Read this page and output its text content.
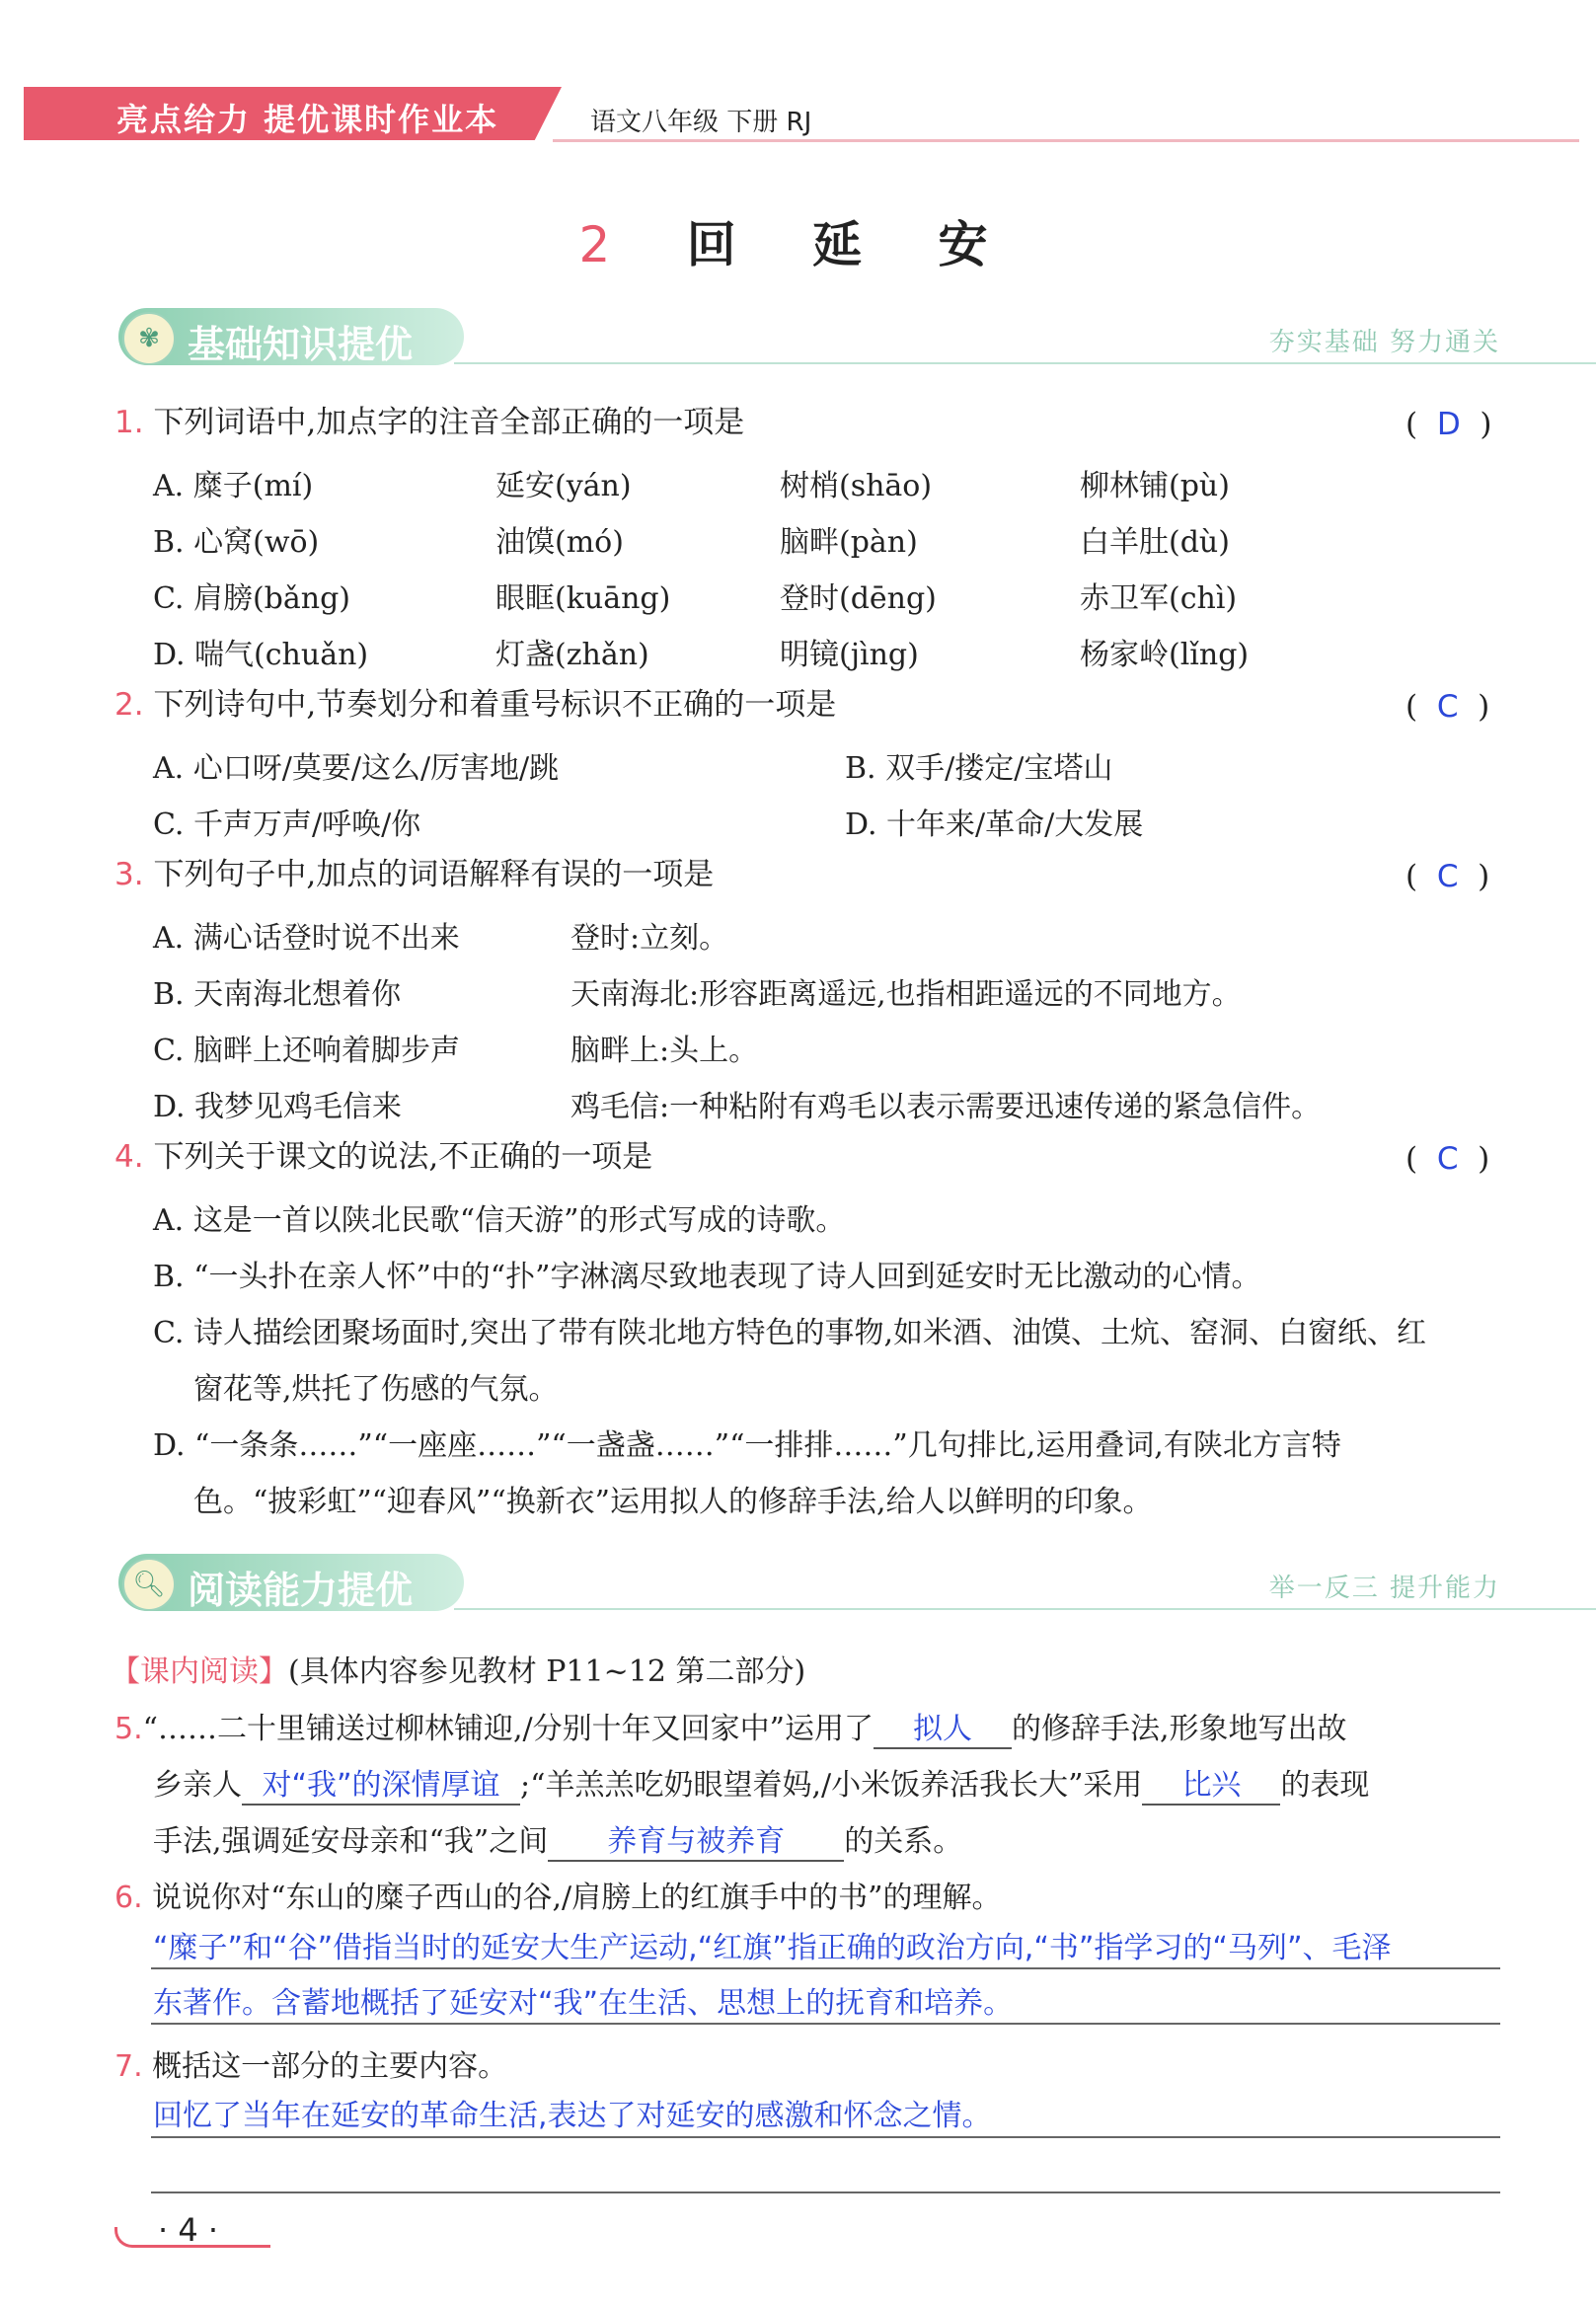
亮点给力 提优课时作业本	语文八年级 下册 RJ
2 回 延 安
✾ 基础知识提优	夯实基础 努力通关
1. 下列词语中,加点字的注音全部正确的一项是	(  D  )
A. 糜子(mí)	延安(yán)	树梢(shāo)	柳林铺(pù)
B. 心窝(wō)	油馍(mó)	脑畔(pàn)	白羊肚(dù)
C. 肩膀(bǎng)	眼眶(kuāng)	登时(dēng)	赤卫军(chì)
D. 喘气(chuǎn)	灯盏(zhǎn)	明镜(jìng)	杨家岭(lǐng)
2. 下列诗句中,节奏划分和着重号标识不正确的一项是	(  C  )
A. 心口呀/莫要/这么/厉害地/跳	B. 双手/搂定/宝塔山
C. 千声万声/呼唤/你	D. 十年来/革命/大发展
3. 下列句子中,加点的词语解释有误的一项是	(  C  )
A. 满心话登时说不出来	登时:立刻。
B. 天南海北想着你	天南海北:形容距离遥远,也指相距遥远的不同地方。
C. 脑畔上还响着脚步声	脑畔上:头上。
D. 我梦见鸡毛信来	鸡毛信:一种粘附有鸡毛以表示需要迅速传递的紧急信件。
4. 下列关于课文的说法,不正确的一项是	(  C  )
A. 这是一首以陕北民歌“信天游”的形式写成的诗歌。
B. “一头扑在亲人怀”中的“扑”字淋漓尽致地表现了诗人回到延安时无比激动的心情。
C. 诗人描绘团聚场面时,突出了带有陕北地方特色的事物,如米酒、油馍、土炕、窑洞、白窗纸、红
窗花等,烘托了伤感的气氛。
D. “一条条……”“一座座……”“一盏盏……”“一排排……”几句排比,运用叠词,有陕北方言特
色。“披彩虹”“迎春风”“换新衣”运用拟人的修辞手法,给人以鲜明的印象。
🔍︎ 阅读能力提优	举一反三 提升能力
【课内阅读】(具体内容参见教材 P11~12 第二部分)
5.“……二十里铺送过柳林铺迎,/分别十年又回家中”运用了 拟人 的修辞手法,形象地写出故
乡亲人 对“我”的深情厚谊 ;“羊羔羔吃奶眼望着妈,/小米饭养活我长大”采用 比兴 的表现
手法,强调延安母亲和“我”之间 养育与被养育 的关系。
6. 说说你对“东山的糜子西山的谷,/肩膀上的红旗手中的书”的理解。
“糜子”和“谷”借指当时的延安大生产运动,“红旗”指正确的政治方向,“书”指学习的“马列”、毛泽
东著作。含蓄地概括了延安对“我”在生活、思想上的抚育和培养。
7. 概括这一部分的主要内容。
回忆了当年在延安的革命生活,表达了对延安的感激和怀念之情。
· 4 ·
